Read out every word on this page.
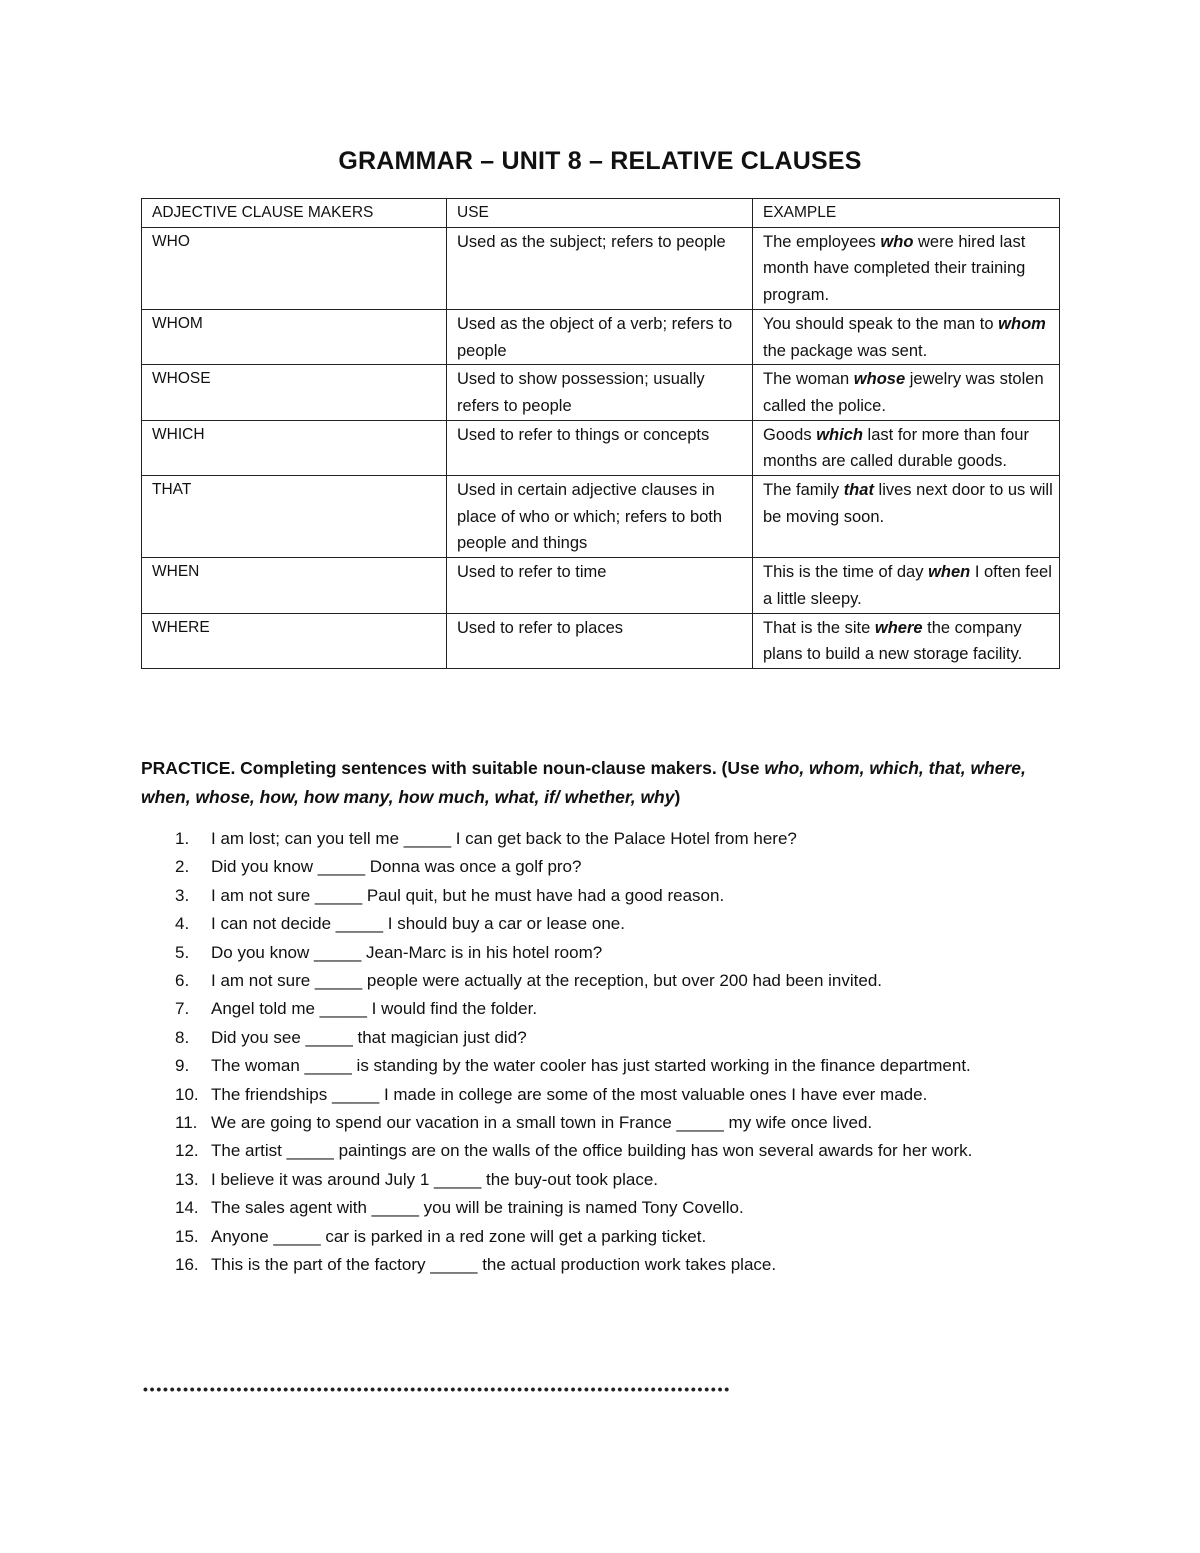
GRAMMAR – UNIT 8 – RELATIVE CLAUSES
ADJECTIVE CLAUSE MAKERS	USE	EXAMPLE
WHO	Used as the subject; refers to people	The employees who were hired last month have completed their training program.
WHOM	Used as the object of a verb; refers to people	You should speak to the man to whom the package was sent.
WHOSE	Used to show possession; usually refers to people	The woman whose jewelry was stolen called the police.
WHICH	Used to refer to things or concepts	Goods which last for more than four months are called durable goods.
THAT	Used in certain adjective clauses in place of who or which; refers to both people and things	The family that lives next door to us will be moving soon.
WHEN	Used to refer to time	This is the time of day when I often feel a little sleepy.
WHERE	Used to refer to places	That is the site where the company plans to build a new storage facility.
PRACTICE. Completing sentences with suitable noun-clause makers. (Use who, whom, which, that, where, when, whose, how, how many, how much, what, if/ whether, why)
1.	I am lost; can you tell me _____ I can get back to the Palace Hotel from here?
2.	Did you know _____ Donna was once a golf pro?
3.	I am not sure _____ Paul quit, but he must have had a good reason.
4.	I can not decide _____ I should buy a car or lease one.
5.	Do you know _____ Jean-Marc is in his hotel room?
6.	I am not sure _____ people were actually at the reception, but over 200 had been invited.
7.	Angel told me _____ I would find the folder.
8.	Did you see _____ that magician just did?
9.	The woman _____ is standing by the water cooler has just started working in the finance department.
10. The friendships _____ I made in college are some of the most valuable ones I have ever made.
11. We are going to spend our vacation in a small town in France _____ my wife once lived.
12. The artist _____ paintings are on the walls of the office building has won several awards for her work.
13. I believe it was around July 1 _____ the buy-out took place.
14. The sales agent with _____ you will be training is named Tony Covello.
15. Anyone _____ car is parked in a red zone will get a parking ticket.
16. This is the part of the factory _____ the actual production work takes place.
••••••••••••••••••••••••••••••••••••••••••••••••••••••••••••••••••••••••••••••••••••••••
